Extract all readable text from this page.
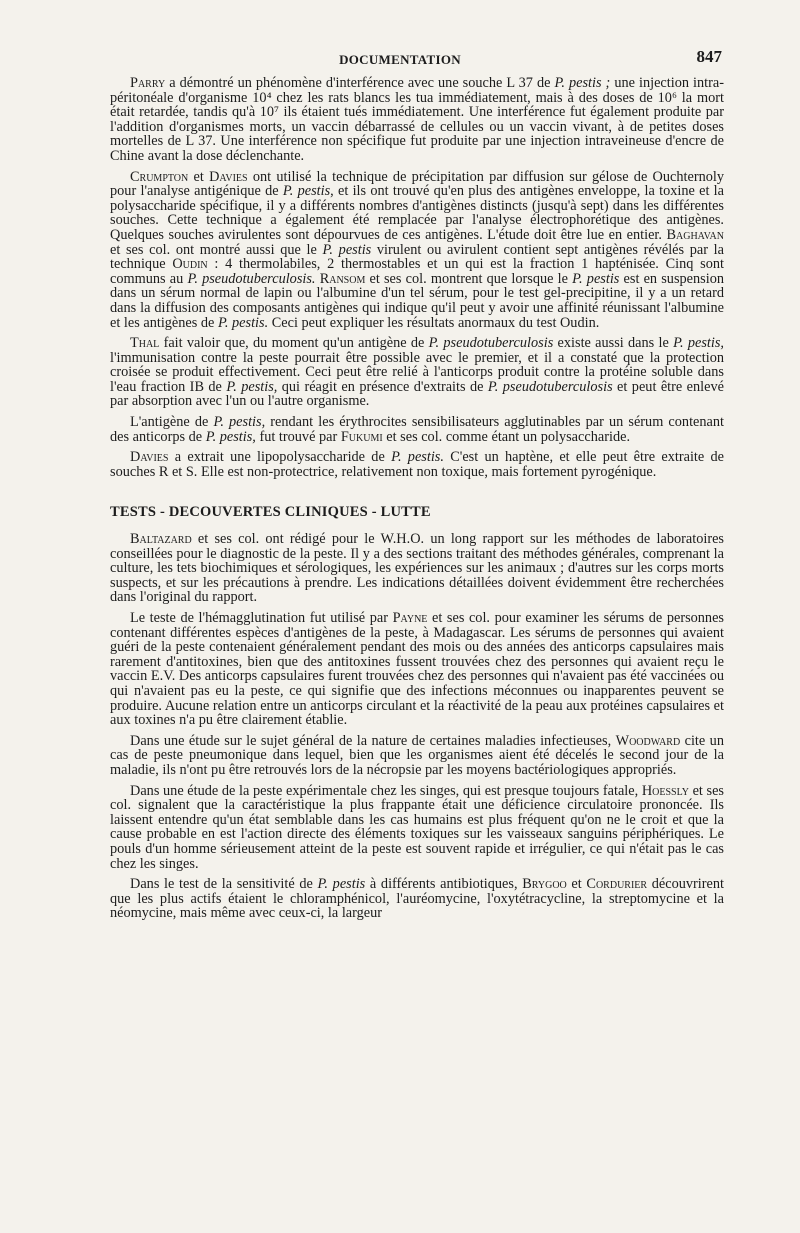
DOCUMENTATION	847

Parry a démontré un phénomène d'interférence avec une souche L 37 de P. pestis ; une injection intra-péritonéale d'organisme 10⁴ chez les rats blancs les tua immédiatement, mais à des doses de 10⁶ la mort était retardée, tandis qu'à 10⁷ ils étaient tués immédiatement. Une interférence fut également produite par l'addition d'organismes morts, un vaccin débarrassé de cellules ou un vaccin vivant, à de petites doses mortelles de L 37. Une interférence non spécifique fut produite par une injection intraveineuse d'encre de Chine avant la dose déclenchante.

Crumpton et Davies ont utilisé la technique de précipitation par diffusion sur gélose de Ouchternoly pour l'analyse antigénique de P. pestis, et ils ont trouvé qu'en plus des antigènes enveloppe, la toxine et la polysaccharide spécifique, il y a différents nombres d'antigènes distincts (jusqu'à sept) dans les différentes souches. Cette technique a également été remplacée par l'analyse électrophorétique des antigènes. Quelques souches avirulentes sont dépourvues de ces antigènes. L'étude doit être lue en entier. Baghavan et ses col. ont montré aussi que le P. pestis virulent ou avirulent contient sept antigènes révélés par la technique Oudin : 4 thermolabiles, 2 thermostables et un qui est la fraction 1 hapténisée. Cinq sont communs au P. pseudotuberculosis. Ransom et ses col. montrent que lorsque le P. pestis est en suspension dans un sérum normal de lapin ou l'albumine d'un tel sérum, pour le test gel-precipitine, il y a un retard dans la diffusion des composants antigènes qui indique qu'il peut y avoir une affinité réunissant l'albumine et les antigènes de P. pestis. Ceci peut expliquer les résultats anormaux du test Oudin.

Thal fait valoir que, du moment qu'un antigène de P. pseudotuberculosis existe aussi dans le P. pestis, l'immunisation contre la peste pourrait être possible avec le premier, et il a constaté que la protection croisée se produit effectivement. Ceci peut être relié à l'anticorps produit contre la protéine soluble dans l'eau fraction IB de P. pestis, qui réagit en présence d'extraits de P. pseudotuberculosis et peut être enlevé par absorption avec l'un ou l'autre organisme.

L'antigène de P. pestis, rendant les érythrocites sensibilisateurs agglutinables par un sérum contenant des anticorps de P. pestis, fut trouvé par Fukumi et ses col. comme étant un polysaccharide.

Davies a extrait une lipopolysaccharide de P. pestis. C'est un haptène, et elle peut être extraite de souches R et S. Elle est non-protectrice, relativement non toxique, mais fortement pyrogénique.

TESTS - DECOUVERTES CLINIQUES - LUTTE

Baltazard et ses col. ont rédigé pour le W.H.O. un long rapport sur les méthodes de laboratoires conseillées pour le diagnostic de la peste. Il y a des sections traitant des méthodes générales, comprenant la culture, les tets biochimiques et sérologiques, les expériences sur les animaux ; d'autres sur les corps morts suspects, et sur les précautions à prendre. Les indications détaillées doivent évidemment être recherchées dans l'original du rapport.

Le teste de l'hémagglutination fut utilisé par Payne et ses col. pour examiner les sérums de personnes contenant différentes espèces d'antigènes de la peste, à Madagascar. Les sérums de personnes qui avaient guéri de la peste contenaient généralement pendant des mois ou des années des anticorps capsulaires mais rarement d'antitoxines, bien que des antitoxines fussent trouvées chez des personnes qui avaient reçu le vaccin E.V. Des anticorps capsulaires furent trouvées chez des personnes qui n'avaient pas été vaccinées ou qui n'avaient pas eu la peste, ce qui signifie que des infections méconnues ou inapparentes peuvent se produire. Aucune relation entre un anticorps circulant et la réactivité de la peau aux protéines capsulaires et aux toxines n'a pu être clairement établie.

Dans une étude sur le sujet général de la nature de certaines maladies infectieuses, Woodward cite un cas de peste pneumonique dans lequel, bien que les organismes aient été décelés le second jour de la maladie, ils n'ont pu être retrouvés lors de la nécropsie par les moyens bactériologiques appropriés.

Dans une étude de la peste expérimentale chez les singes, qui est presque toujours fatale, Hoessly et ses col. signalent que la caractéristique la plus frappante était une déficience circulatoire prononcée. Ils laissent entendre qu'un état semblable dans les cas humains est plus fréquent qu'on ne le croit et que la cause probable en est l'action directe des éléments toxiques sur les vaisseaux sanguins périphériques. Le pouls d'un homme sérieusement atteint de la peste est souvent rapide et irrégulier, ce qui n'était pas le cas chez les singes.

Dans le test de la sensitivité de P. pestis à différents antibiotiques, Brygoo et Cordurier découvrirent que les plus actifs étaient le chloramphénicol, l'auréomycine, l'oxytétracycline, la streptomycine et la néomycine, mais même avec ceux-ci, la largeur
